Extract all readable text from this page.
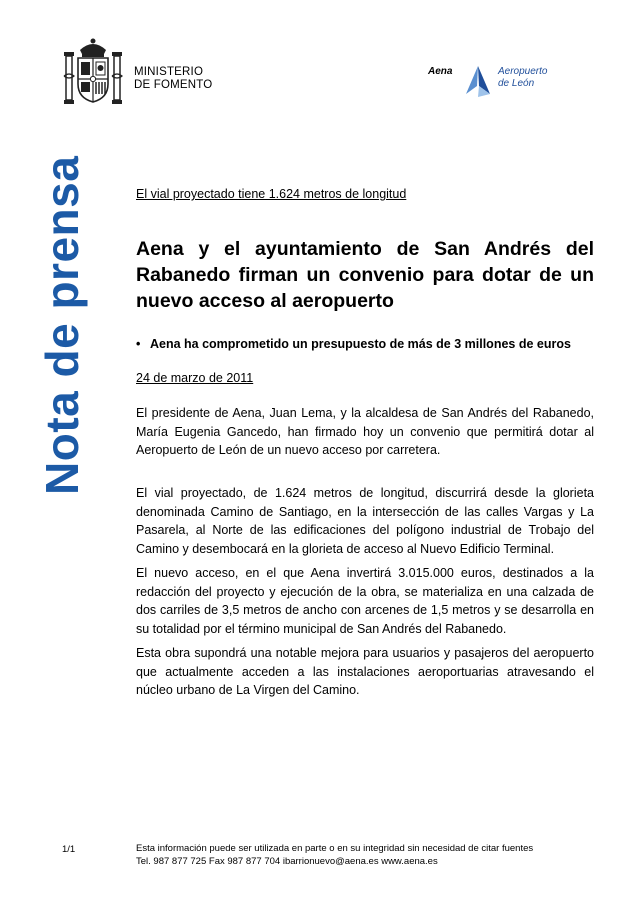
MINISTERIO
DE FOMENTO
Aena	Aeropuerto
de León
Nota de prensa	El vial proyectado tiene 1.624 metros de longitud
Aena y el ayuntamiento de San Andrés del Rabanedo firman un convenio para dotar de un nuevo acceso al aeropuerto
• Aena ha comprometido un presupuesto de más de 3 millones de euros
24 de marzo de 2011
El presidente de Aena, Juan Lema, y la alcaldesa de San Andrés del Rabanedo, María Eugenia Gancedo, han firmado hoy un convenio que permitirá dotar al Aeropuerto de León de un nuevo acceso por carretera.
El vial proyectado, de 1.624 metros de longitud, discurrirá desde la glorieta denominada Camino de Santiago, en la intersección de las calles Vargas y La Pasarela, al Norte de las edificaciones del polígono industrial de Trobajo del Camino y desembocará en la glorieta de acceso al Nuevo Edificio Terminal.
El nuevo acceso, en el que Aena invertirá 3.015.000 euros, destinados a la redacción del proyecto y ejecución de la obra, se materializa en una calzada de dos carriles de 3,5 metros de ancho con arcenes de 1,5 metros y se desarrolla en su totalidad por el término municipal de San Andrés del Rabanedo.
Esta obra supondrá una notable mejora para usuarios y pasajeros del aeropuerto que actualmente acceden a las instalaciones aeroportuarias atravesando el núcleo urbano de La Virgen del Camino.
1/1	Esta información puede ser utilizada en parte o en su integridad sin necesidad de citar fuentes
Tel. 987 877 725 Fax 987 877 704 ibarrionuevo@aena.es www.aena.es
